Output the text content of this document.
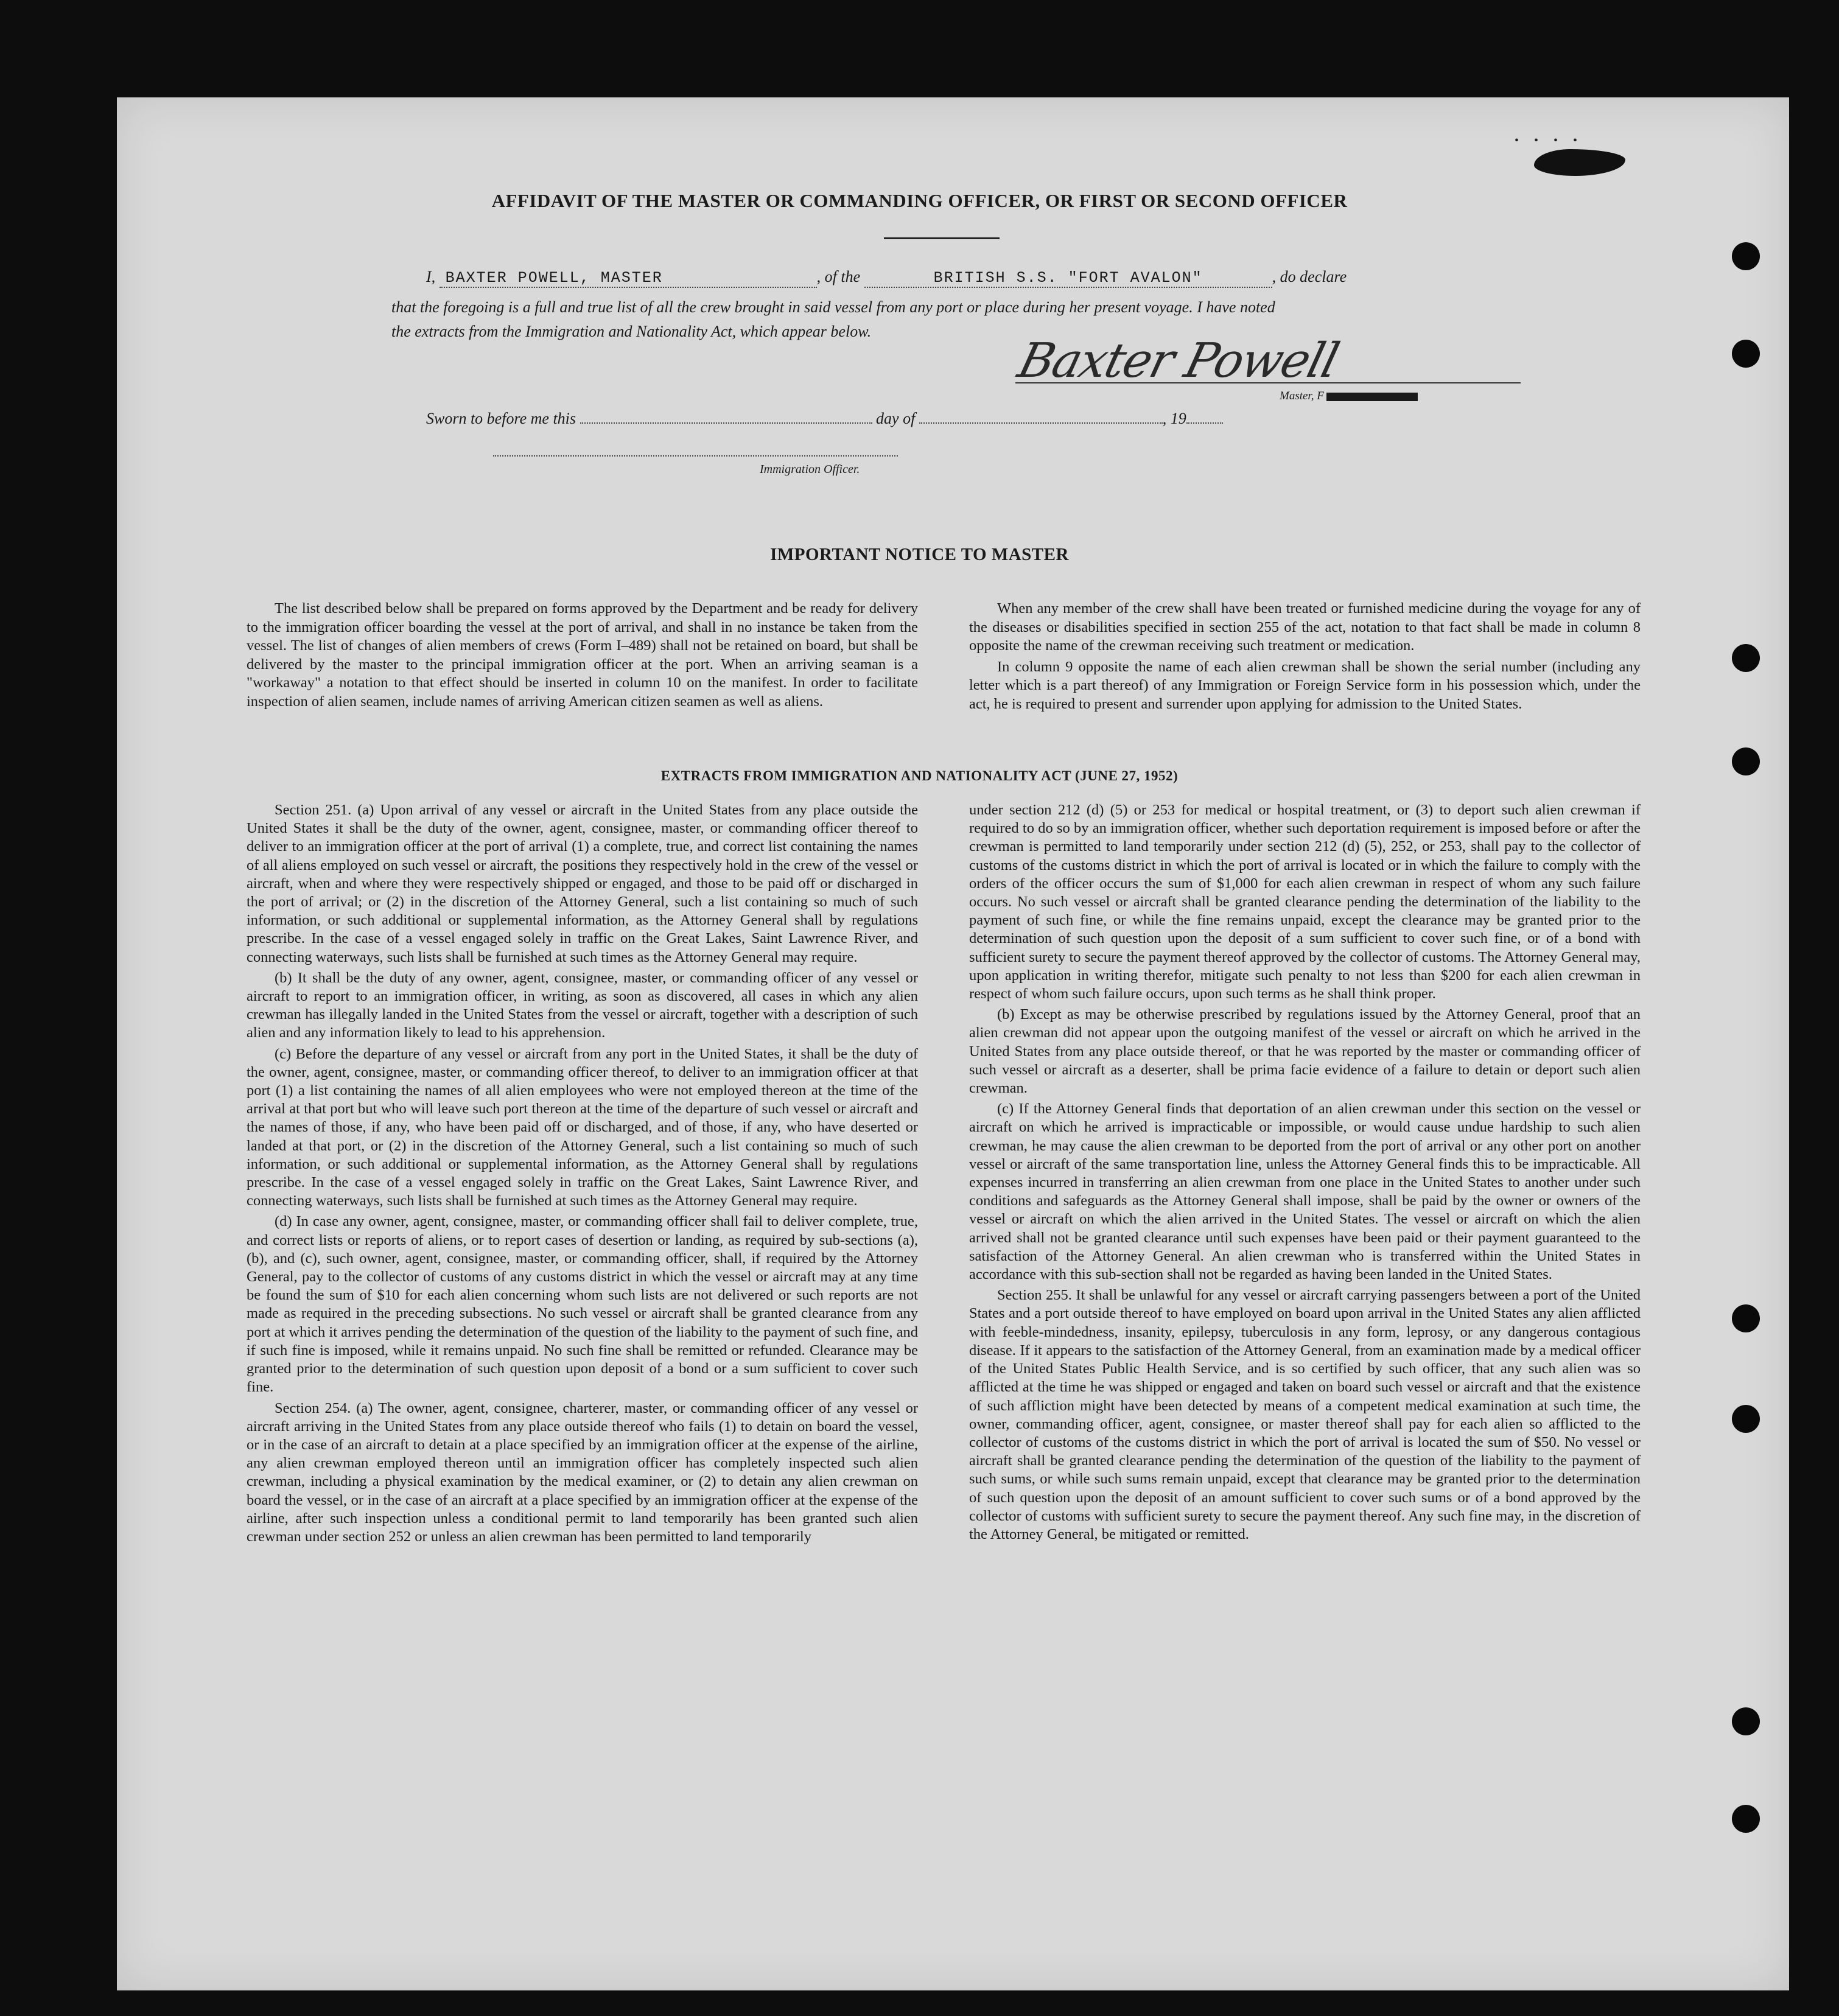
• • • •
AFFIDAVIT OF THE MASTER OR COMMANDING OFFICER, OR FIRST OR SECOND OFFICER
I, BAXTER POWELL, MASTER	, of the	BRITISH S.S. "FORT AVALON"	, do declare
that the foregoing is a full and true list of all the crew brought in said vessel from any port or place during her present voyage. I have noted
the extracts from the Immigration and Nationality Act, which appear below.
Baxter Powell
Master, F
Sworn to before me this	day of	, 19
Immigration Officer.
IMPORTANT NOTICE TO MASTER

The list described below shall be prepared on forms approved by the Department and be ready for delivery to the immigration officer boarding the vessel at the port of arrival, and shall in no instance be taken from the vessel. The list of changes of alien members of crews (Form I–489) shall not be retained on board, but shall be delivered by the master to the principal immigration officer at the port. When an arriving seaman is a "workaway" a notation to that effect should be inserted in column 10 on the manifest. In order to facilitate inspection of alien seamen, include names of arriving American citizen seamen as well as aliens.

When any member of the crew shall have been treated or furnished medicine during the voyage for any of the diseases or disabilities specified in section 255 of the act, notation to that fact shall be made in column 8 opposite the name of the crewman receiving such treatment or medication.

In column 9 opposite the name of each alien crewman shall be shown the serial number (including any letter which is a part thereof) of any Immigration or Foreign Service form in his possession which, under the act, he is required to present and surrender upon applying for admission to the United States.

EXTRACTS FROM IMMIGRATION AND NATIONALITY ACT (JUNE 27, 1952)

Section 251. (a) Upon arrival of any vessel or aircraft in the United States from any place outside the United States it shall be the duty of the owner, agent, consignee, master, or commanding officer thereof to deliver to an immigration officer at the port of arrival (1) a complete, true, and correct list containing the names of all aliens employed on such vessel or aircraft, the positions they respectively hold in the crew of the vessel or aircraft, when and where they were respectively shipped or engaged, and those to be paid off or discharged in the port of arrival; or (2) in the discretion of the Attorney General, such a list containing so much of such information, or such additional or supplemental information, as the Attorney General shall by regulations prescribe. In the case of a vessel engaged solely in traffic on the Great Lakes, Saint Lawrence River, and connecting waterways, such lists shall be furnished at such times as the Attorney General may require.

(b) It shall be the duty of any owner, agent, consignee, master, or commanding officer of any vessel or aircraft to report to an immigration officer, in writing, as soon as discovered, all cases in which any alien crewman has illegally landed in the United States from the vessel or aircraft, together with a description of such alien and any information likely to lead to his apprehension.

(c) Before the departure of any vessel or aircraft from any port in the United States, it shall be the duty of the owner, agent, consignee, master, or commanding officer thereof, to deliver to an immigration officer at that port (1) a list containing the names of all alien employees who were not employed thereon at the time of the arrival at that port but who will leave such port thereon at the time of the departure of such vessel or aircraft and the names of those, if any, who have been paid off or discharged, and of those, if any, who have deserted or landed at that port, or (2) in the discretion of the Attorney General, such a list containing so much of such information, or such additional or supplemental information, as the Attorney General shall by regulations prescribe. In the case of a vessel engaged solely in traffic on the Great Lakes, Saint Lawrence River, and connecting waterways, such lists shall be furnished at such times as the Attorney General may require.

(d) In case any owner, agent, consignee, master, or commanding officer shall fail to deliver complete, true, and correct lists or reports of aliens, or to report cases of desertion or landing, as required by sub-sections (a), (b), and (c), such owner, agent, consignee, master, or commanding officer, shall, if required by the Attorney General, pay to the collector of customs of any customs district in which the vessel or aircraft may at any time be found the sum of $10 for each alien concerning whom such lists are not delivered or such reports are not made as required in the preceding subsections. No such vessel or aircraft shall be granted clearance from any port at which it arrives pending the determination of the question of the liability to the payment of such fine, and if such fine is imposed, while it remains unpaid. No such fine shall be remitted or refunded. Clearance may be granted prior to the determination of such question upon deposit of a bond or a sum sufficient to cover such fine.

Section 254. (a) The owner, agent, consignee, charterer, master, or commanding officer of any vessel or aircraft arriving in the United States from any place outside thereof who fails (1) to detain on board the vessel, or in the case of an aircraft to detain at a place specified by an immigration officer at the expense of the airline, any alien crewman employed thereon until an immigration officer has completely inspected such alien crewman, including a physical examination by the medical examiner, or (2) to detain any alien crewman on board the vessel, or in the case of an aircraft at a place specified by an immigration officer at the expense of the airline, after such inspection unless a conditional permit to land temporarily has been granted such alien crewman under section 252 or unless an alien crewman has been permitted to land temporarily

under section 212 (d) (5) or 253 for medical or hospital treatment, or (3) to deport such alien crewman if required to do so by an immigration officer, whether such deportation requirement is imposed before or after the crewman is permitted to land temporarily under section 212 (d) (5), 252, or 253, shall pay to the collector of customs of the customs district in which the port of arrival is located or in which the failure to comply with the orders of the officer occurs the sum of $1,000 for each alien crewman in respect of whom any such failure occurs. No such vessel or aircraft shall be granted clearance pending the determination of the liability to the payment of such fine, or while the fine remains unpaid, except the clearance may be granted prior to the determination of such question upon the deposit of a sum sufficient to cover such fine, or of a bond with sufficient surety to secure the payment thereof approved by the collector of customs. The Attorney General may, upon application in writing therefor, mitigate such penalty to not less than $200 for each alien crewman in respect of whom such failure occurs, upon such terms as he shall think proper.

(b) Except as may be otherwise prescribed by regulations issued by the Attorney General, proof that an alien crewman did not appear upon the outgoing manifest of the vessel or aircraft on which he arrived in the United States from any place outside thereof, or that he was reported by the master or commanding officer of such vessel or aircraft as a deserter, shall be prima facie evidence of a failure to detain or deport such alien crewman.

(c) If the Attorney General finds that deportation of an alien crewman under this section on the vessel or aircraft on which he arrived is impracticable or impossible, or would cause undue hardship to such alien crewman, he may cause the alien crewman to be deported from the port of arrival or any other port on another vessel or aircraft of the same transportation line, unless the Attorney General finds this to be impracticable. All expenses incurred in transferring an alien crewman from one place in the United States to another under such conditions and safeguards as the Attorney General shall impose, shall be paid by the owner or owners of the vessel or aircraft on which the alien arrived in the United States. The vessel or aircraft on which the alien arrived shall not be granted clearance until such expenses have been paid or their payment guaranteed to the satisfaction of the Attorney General. An alien crewman who is transferred within the United States in accordance with this sub-section shall not be regarded as having been landed in the United States.

Section 255. It shall be unlawful for any vessel or aircraft carrying passengers between a port of the United States and a port outside thereof to have employed on board upon arrival in the United States any alien afflicted with feeble-mindedness, insanity, epilepsy, tuberculosis in any form, leprosy, or any dangerous contagious disease. If it appears to the satisfaction of the Attorney General, from an examination made by a medical officer of the United States Public Health Service, and is so certified by such officer, that any such alien was so afflicted at the time he was shipped or engaged and taken on board such vessel or aircraft and that the existence of such affliction might have been detected by means of a competent medical examination at such time, the owner, commanding officer, agent, consignee, or master thereof shall pay for each alien so afflicted to the collector of customs of the customs district in which the port of arrival is located the sum of $50. No vessel or aircraft shall be granted clearance pending the determination of the question of the liability to the payment of such sums, or while such sums remain unpaid, except that clearance may be granted prior to the determination of such question upon the deposit of an amount sufficient to cover such sums or of a bond approved by the collector of customs with sufficient surety to secure the payment thereof. Any such fine may, in the discretion of the Attorney General, be mitigated or remitted.
